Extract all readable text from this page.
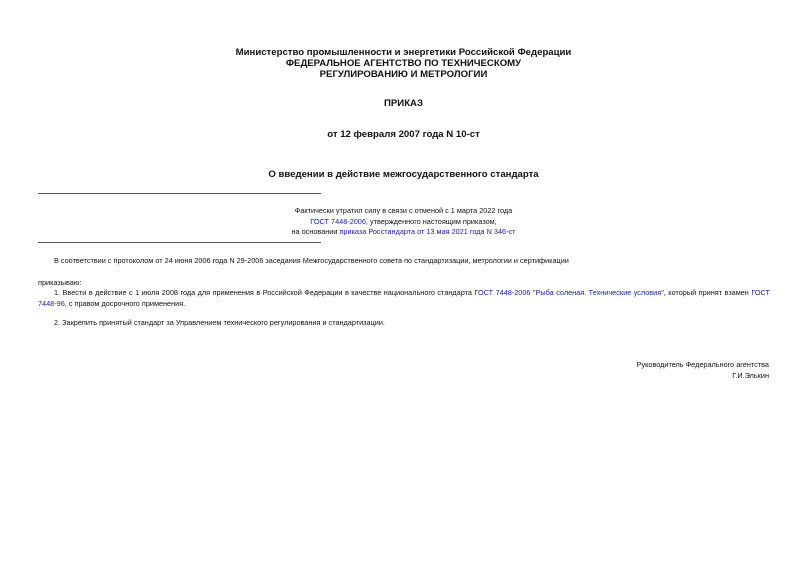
Министерство промышленности и энергетики Российской Федерации
ФЕДЕРАЛЬНОЕ АГЕНТСТВО ПО ТЕХНИЧЕСКОМУ
РЕГУЛИРОВАНИЮ И МЕТРОЛОГИИ
ПРИКАЗ
от 12 февраля 2007 года N 10-ст
О введении в действие межгосударственного стандарта
Фактически утратил силу в связи с отменой с 1 марта 2022 года
ГОСТ 7448-2006, утвержденного настоящим приказом,
на основании приказа Росстандарта от 13 мая 2021 года N 346-ст
В соответствии с протоколом от 24 июня 2006 года N 29-2006 заседания Межгосударственного совета по стандартизации, метрологии и сертификации
приказываю:
1. Ввести в действие с 1 июля 2008 года для применения в Российской Федерации в качестве национального стандарта ГОСТ 7448-2006 "Рыба соленая. Технические условия", который принят взамен ГОСТ 7448-96, с правом досрочного применения.
2. Закрепить принятый стандарт за Управлением технического регулирования и стандартизации.
Руководитель Федерального агентства
Г.И.Элькин
